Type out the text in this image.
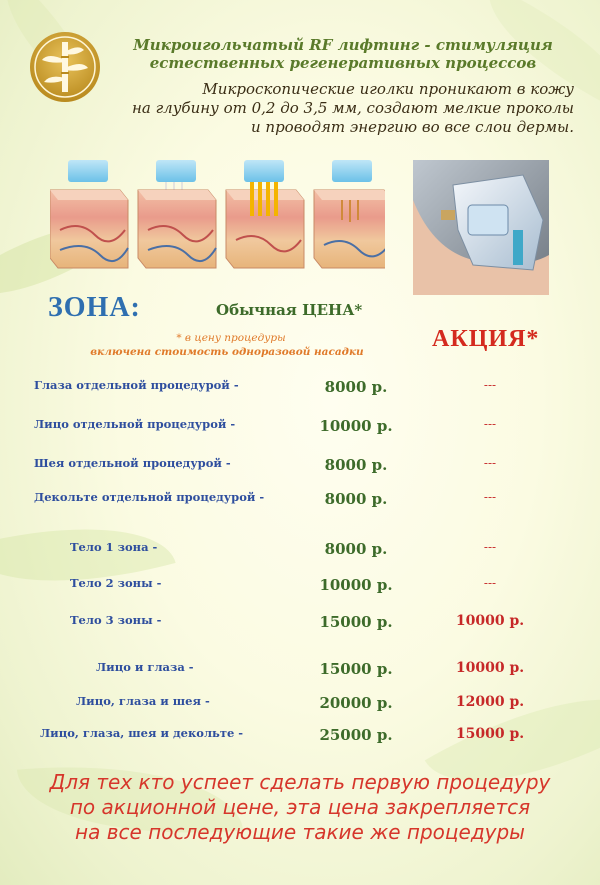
Микроигольчатый RF лифтинг - стимуляция
естественных регенеративных процессов
Микроскопические иголки проникают в кожу
на глубину от 0,2 до 3,5 мм, создают мелкие проколы
и проводят энергию во все слои дермы.
ЗОНА:	Обычная ЦЕНА*
* в цену процедуры
включена стоимость одноразовой насадки	АКЦИЯ*
Глаза отдельной процедурой -	8000 р.	---
Лицо отдельной процедурой -	10000 р.	---
Шея отдельной процедурой -	8000 р.	---
Декольте отдельной процедурой -	8000 р.	---
Тело 1 зона -	8000 р.	---
Тело 2 зоны -	10000 р.	---
Тело 3 зоны -	15000 р.	10000 р.
Лицо и глаза -	15000 р.	10000 р.
Лицо, глаза и шея -	20000 р.	12000 р.
Лицо, глаза, шея и декольте -	25000 р.	15000 р.
Для тех кто успеет сделать первую процедуру
по акционной цене, эта цена закрепляется
на все последующие такие же процедуры
